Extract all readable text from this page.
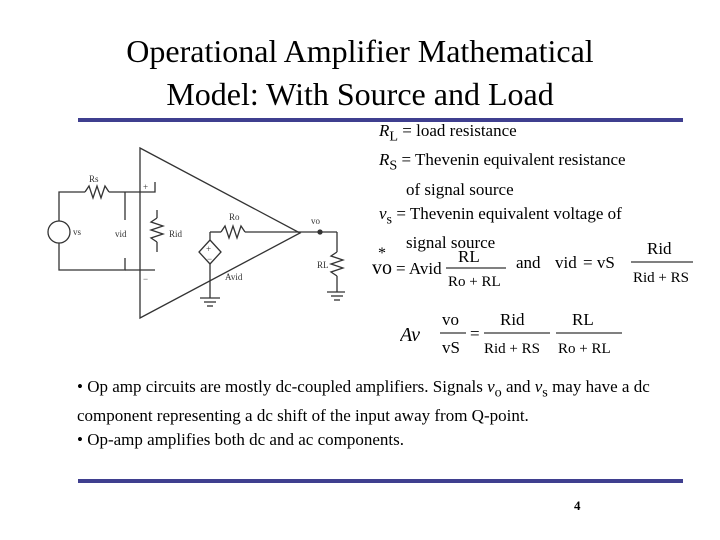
Operational Amplifier Mathematical
Model: With Source and Load
Rs
vs	vid	Rid
Ro	vo
RL
Avid
+
−
+
−
$R_L$ = load resistance
$R_S$ = Thevenin equivalent resistance
of signal source
$v_s$ = Thevenin equivalent voltage of
signal source
vo
*
= Avid
RL
Ro + RL
and vid = vS
Rid
Rid + RS
Av
vo
vS
=
Rid
Rid + RS
RL
Ro + RL
• Op amp circuits are mostly dc-coupled amplifiers. Signals $v_o$ and $v_s$ may have a dc component representing a dc shift of the input away from Q-point.
• Op-amp amplifies both dc and ac components.
4
